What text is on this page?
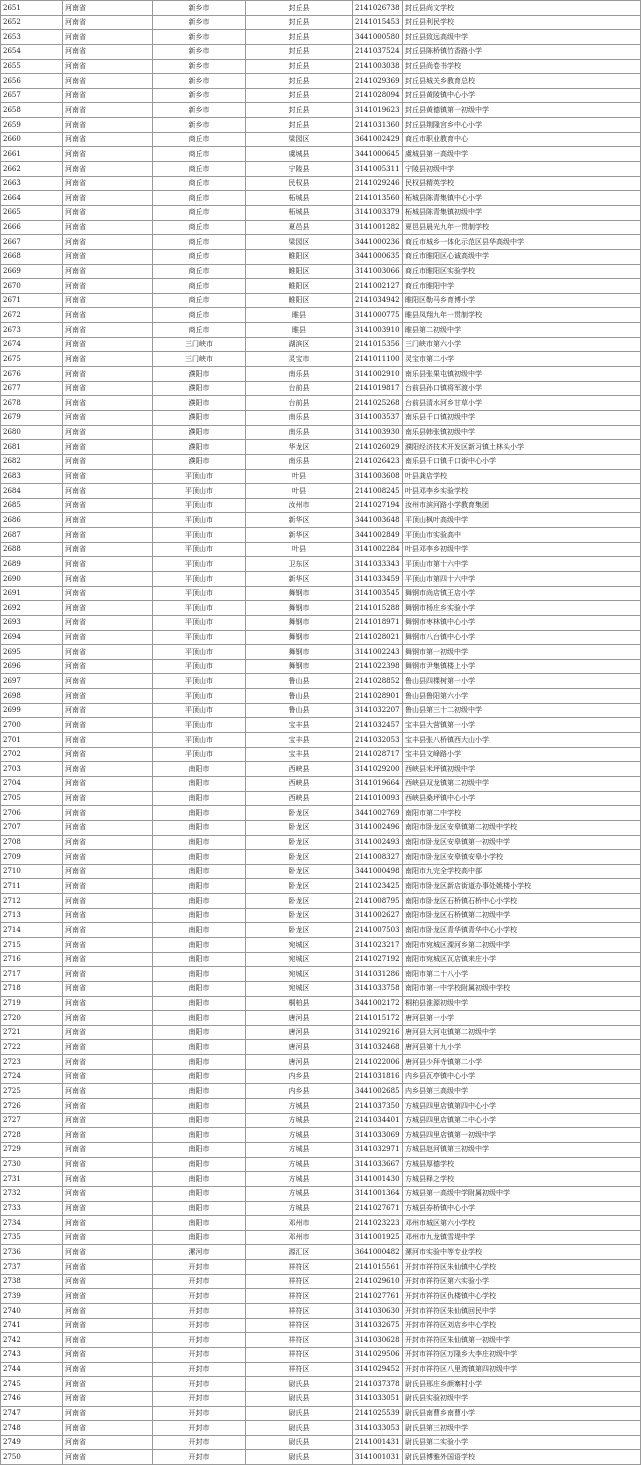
2651	河南省	新乡市	封丘县	2141026738	封丘县尚文学校
2652	河南省	新乡市	封丘县	2141015453	封丘县利民学校
2653	河南省	新乡市	封丘县	3441000580	封丘县致远高级中学
2654	河南省	新乡市	封丘县	2141037524	封丘县陈桥镇竹香路小学
2655	河南省	新乡市	封丘县	2141003038	封丘县尚卷书学校
2656	河南省	新乡市	封丘县	2141029369	封丘县城关乡教育总校
2657	河南省	新乡市	封丘县	2141028094	封丘县黄陵镇中心小学
2658	河南省	新乡市	封丘县	3141019623	封丘县黄德镇第一初级中学
2659	河南省	新乡市	封丘县	2141031360	封丘县荆隆宫乡中心小学
2660	河南省	商丘市	梁园区	3641002429	商丘市职业教育中心
2661	河南省	商丘市	虞城县	3441000645	虞城县第一高级中学
2662	河南省	商丘市	宁陵县	3141005311	宁陵县初级中学
2663	河南省	商丘市	民权县	2141029246	民权县精英学校
2664	河南省	商丘市	柘城县	2141013560	柘城县陈青集镇中心小学
2665	河南省	商丘市	柘城县	3141003379	柘城县陈青集镇初级中学
2666	河南省	商丘市	夏邑县	3141001282	夏邑县晨光九年一贯制学校
2667	河南省	商丘市	梁园区	3441000236	商丘市城乡一体化示范区县华高级中学
2668	河南省	商丘市	睢阳区	3441000635	商丘市睢阳区心诚高级中学
2669	河南省	商丘市	睢阳区	3141003066	商丘市睢阳区实验学校
2670	河南省	商丘市	睢阳区	2141002127	商丘市睢阳中学
2671	河南省	商丘市	睢阳区	2141034942	睢阳区勒马乡育博小学
2672	河南省	商丘市	睢县	3141000775	睢县凤翔九年一贯制学校
2673	河南省	商丘市	睢县	3141003910	睢县第二初级中学
2674	河南省	三门峡市	湖滨区	2141015356	三门峡市第六小学
2675	河南省	三门峡市	灵宝市	2141011100	灵宝市第二小学
2676	河南省	濮阳市	南乐县	3141002910	南乐县张果屯镇初级中学
2677	河南省	濮阳市	台前县	2141019817	台前县孙口镇将军渡小学
2678	河南省	濮阳市	台前县	2141025268	台前县清水河乡甘草小学
2679	河南省	濮阳市	南乐县	3141003537	南乐县千口镇初级中学
2680	河南省	濮阳市	南乐县	3141003930	南乐县韩张镇初级中学
2681	河南省	濮阳市	华龙区	2141026029	濮阳经济技术开发区新习镇土林头小学
2682	河南省	濮阳市	南乐县	2141026423	南乐县千口镇千口街中心小学
2683	河南省	平顶山市	叶县	3141003608	叶县龚店学校
2684	河南省	平顶山市	叶县	2141008245	叶县邓李乡实验学校
2685	河南省	平顶山市	汝州市	2141027194	汝州市滨河路小学教育集团
2686	河南省	平顶山市	新华区	3441003648	平顶山枫叶高级中学
2687	河南省	平顶山市	新华区	3441002849	平顶山市实验高中
2688	河南省	平顶山市	叶县	3141002284	叶县邓李乡初级中学
2689	河南省	平顶山市	卫东区	3141033343	平顶山市第十六中学
2690	河南省	平顶山市	新华区	3141033459	平顶山市第四十六中学
2691	河南省	平顶山市	舞钢市	3141003545	舞钢市尚店镇王店小学
2692	河南省	平顶山市	舞钢市	2141015288	舞钢市杨庄乡实验小学
2693	河南省	平顶山市	舞钢市	2141018971	舞钢市枣林镇中心小学
2694	河南省	平顶山市	舞钢市	2141028021	舞钢市八台镇中心小学
2695	河南省	平顶山市	舞钢市	3141002243	舞钢市第一初级中学
2696	河南省	平顶山市	舞钢市	2141022398	舞钢市尹集镇楼上小学
2697	河南省	平顶山市	鲁山县	2141028852	鲁山县四棵树第一小学
2698	河南省	平顶山市	鲁山县	2141028901	鲁山县鲁阳第六小学
2699	河南省	平顶山市	鲁山县	3141032207	鲁山县第三十二初级中学
2700	河南省	平顶山市	宝丰县	2141032457	宝丰县大营镇第一小学
2701	河南省	平顶山市	宝丰县	2141032053	宝丰县张八桥镇西大山小学
2702	河南省	平顶山市	宝丰县	2141028717	宝丰县文峰路小学
2703	河南省	南阳市	西峡县	3141029200	西峡县米坪镇初级中学
2704	河南省	南阳市	西峡县	3141019664	西峡县双龙镇第二初级中学
2705	河南省	南阳市	西峡县	2141010093	西峡县桑坪镇中心小学
2706	河南省	南阳市	卧龙区	3441002769	南阳市第二中学校
2707	河南省	南阳市	卧龙区	3141002496	南阳市卧龙区安皋镇第二初级中学校
2708	河南省	南阳市	卧龙区	3141002493	南阳市卧龙区安皋镇第一初级中学
2709	河南省	南阳市	卧龙区	2141008327	南阳市卧龙区安皋镇安皋小学校
2710	河南省	南阳市	卧龙区	3441000498	南阳市九完全学校高中部
2711	河南省	南阳市	卧龙区	2141023425	南阳市卧龙区新店街道办事处姚楼小学校
2712	河南省	南阳市	卧龙区	2141008795	南阳市卧龙区石桥镇石桥中心小学校
2713	河南省	南阳市	卧龙区	3141002627	南阳市卧龙区石桥镇第二初级中学
2714	河南省	南阳市	卧龙区	2141007503	南阳市卧龙区青华镇青华中心小学校
2715	河南省	南阳市	宛城区	3141023217	南阳市宛城区溧河乡第二初级中学
2716	河南省	南阳市	宛城区	2141027192	南阳市宛城区瓦店镇来庄小学
2717	河南省	南阳市	宛城区	3141031286	南阳市第二十八小学
2718	河南省	南阳市	宛城区	3141033758	南阳市第一中学校附属初级中学校
2719	河南省	南阳市	桐柏县	3441002172	桐柏县淮源初级中学
2720	河南省	南阳市	唐河县	2141015172	唐河县第一小学
2721	河南省	南阳市	唐河县	3141029216	唐河县大河屯镇第二初级中学
2722	河南省	南阳市	唐河县	3141032468	唐河县第十九小学
2723	河南省	南阳市	唐河县	2141022006	唐河县少拜寺镇第二小学
2724	河南省	南阳市	内乡县	2141031816	内乡县瓦亭镇中心小学
2725	河南省	南阳市	内乡县	3441002685	内乡县第三高级中学
2726	河南省	南阳市	方城县	2141037350	方城县四里店镇第四中心小学
2727	河南省	南阳市	方城县	2141034401	方城县四里店镇第二中心小学
2728	河南省	南阳市	方城县	3141033069	方城县四里店镇第一初级中学
2729	河南省	南阳市	方城县	3141032971	方城县赵河镇第三初级中学
2730	河南省	南阳市	方城县	3141033667	方城县厚德学校
2731	河南省	南阳市	方城县	3141001430	方城县释之学校
2732	河南省	南阳市	方城县	3141001364	方城县第一高级中学附属初级中学
2733	河南省	南阳市	方城县	2141027671	方城县券桥镇中心小学
2734	河南省	南阳市	邓州市	2141023223	邓州市城区第六小学校
2735	河南省	南阳市	邓州市	3141001925	邓州市九龙镇雪堤中学
2736	河南省	漯河市	源汇区	3641000482	漯河市实验中等专业学校
2737	河南省	开封市	祥符区	2141015561	开封市祥符区朱仙镇中心学校
2738	河南省	开封市	祥符区	2141029610	开封市祥符区第六实验小学
2739	河南省	开封市	祥符区	2141027761	开封市祥符区仇楼镇中心学校
2740	河南省	开封市	祥符区	3141030630	开封市祥符区朱仙镇回民中学
2741	河南省	开封市	祥符区	3141032675	开封市祥符区刘店乡中心学校
2742	河南省	开封市	祥符区	3141030628	开封市祥符区朱仙镇第一初级中学
2743	河南省	开封市	祥符区	3141029506	开封市祥符区万隆乡大李庄初级中学
2744	河南省	开封市	祥符区	3141029452	开封市祥符区八里湾镇第四初级中学
2745	河南省	开封市	尉氏县	2141037378	尉氏县邢庄乡颜寨村小学
2746	河南省	开封市	尉氏县	3141033051	尉氏县实验初级中学
2747	河南省	开封市	尉氏县	2141025539	尉氏县南曹乡南曹小学
2748	河南省	开封市	尉氏县	3141033053	尉氏县第三初级中学
2749	河南省	开封市	尉氏县	2141001431	尉氏县第二实验小学
2750	河南省	开封市	尉氏县	3141001031	尉氏县博雅外国语学校
